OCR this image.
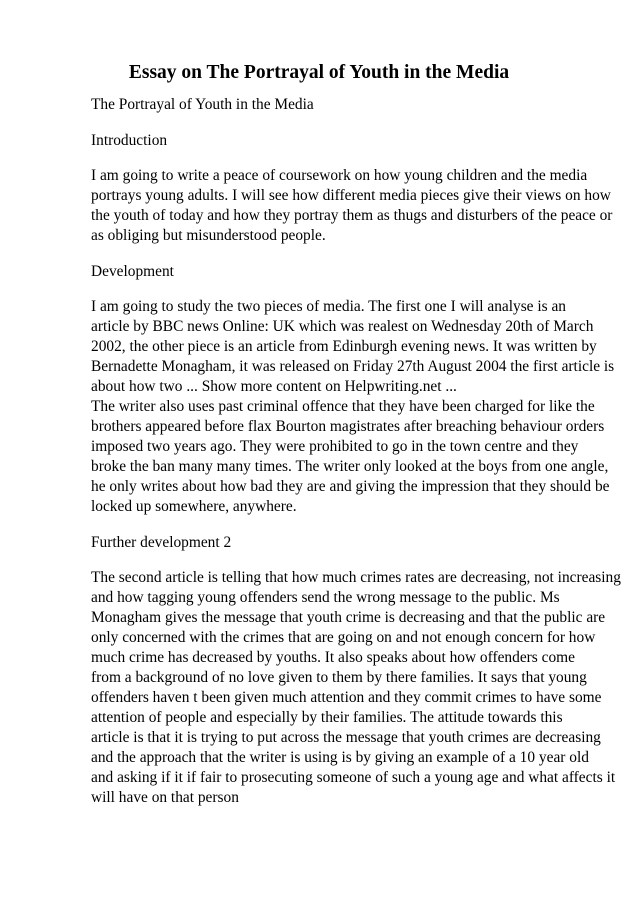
Essay on The Portrayal of Youth in the Media
The Portrayal of Youth in the Media
Introduction
I am going to write a peace of coursework on how young children and the media
portrays young adults. I will see how different media pieces give their views on how
the youth of today and how they portray them as thugs and disturbers of the peace or
as obliging but misunderstood people.
Development
I am going to study the two pieces of media. The first one I will analyse is an
article by BBC news Online: UK which was realest on Wednesday 20th of March
2002, the other piece is an article from Edinburgh evening news. It was written by
Bernadette Monagham, it was released on Friday 27th August 2004 the first article is
about how two ... Show more content on Helpwriting.net ...
The writer also uses past criminal offence that they have been charged for like the
brothers appeared before flax Bourton magistrates after breaching behaviour orders
imposed two years ago. They were prohibited to go in the town centre and they
broke the ban many many times. The writer only looked at the boys from one angle,
he only writes about how bad they are and giving the impression that they should be
locked up somewhere, anywhere.
Further development 2
The second article is telling that how much crimes rates are decreasing, not increasing
and how tagging young offenders send the wrong message to the public. Ms
Monagham gives the message that youth crime is decreasing and that the public are
only concerned with the crimes that are going on and not enough concern for how
much crime has decreased by youths. It also speaks about how offenders come
from a background of no love given to them by there families. It says that young
offenders haven t been given much attention and they commit crimes to have some
attention of people and especially by their families. The attitude towards this
article is that it is trying to put across the message that youth crimes are decreasing
and the approach that the writer is using is by giving an example of a 10 year old
and asking if it if fair to prosecuting someone of such a young age and what affects it
will have on that person
